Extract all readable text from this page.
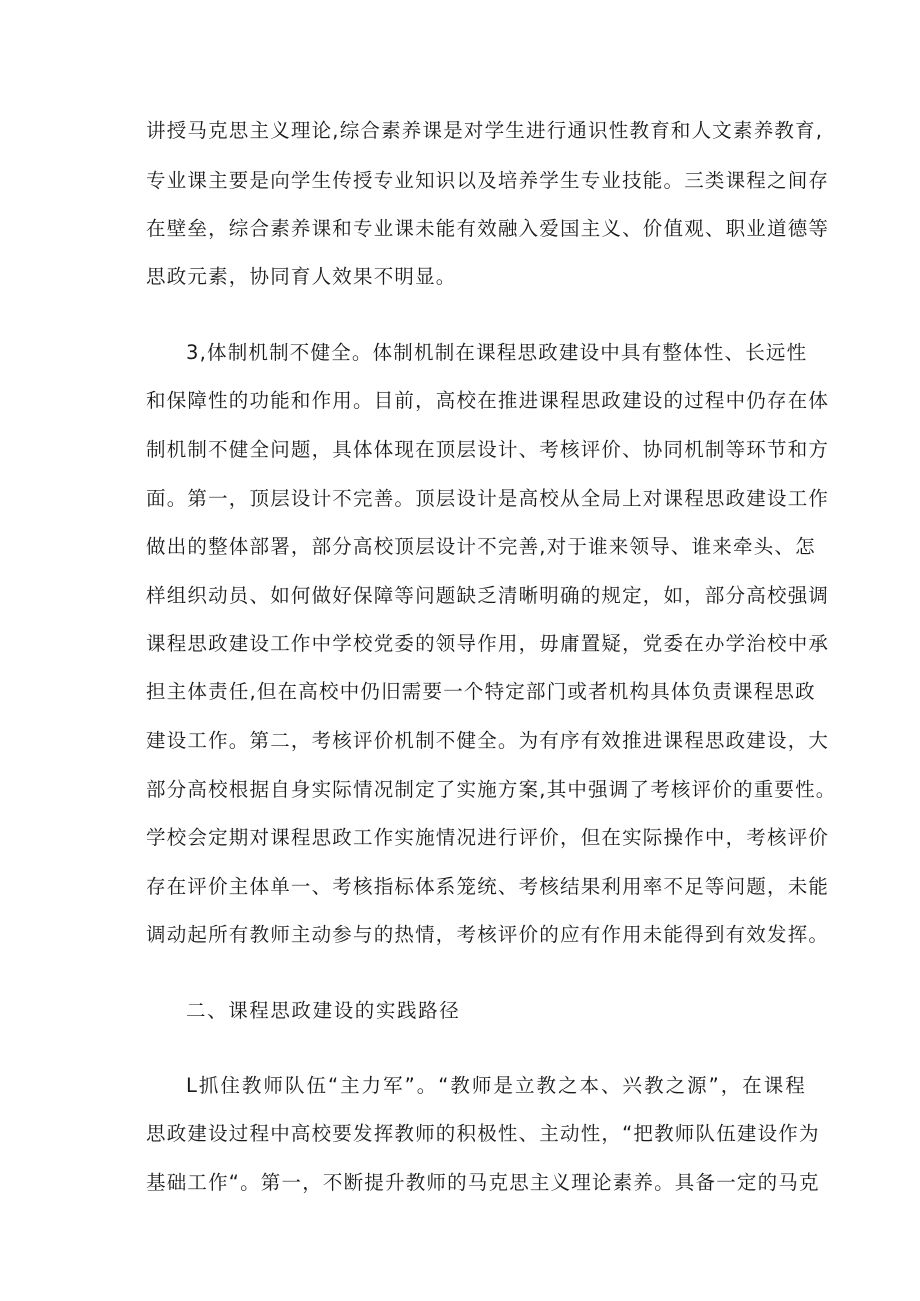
讲授马克思主义理论,综合素养课是对学生进行通识性教育和人文素养教育,
专业课主要是向学生传授专业知识以及培养学生专业技能。三类课程之间存
在壁垒，综合素养课和专业课未能有效融入爱国主义、价值观、职业道德等
思政元素，协同育人效果不明显。
3,体制机制不健全。体制机制在课程思政建设中具有整体性、长远性
和保障性的功能和作用。目前，高校在推进课程思政建设的过程中仍存在体
制机制不健全问题，具体体现在顶层设计、考核评价、协同机制等环节和方
面。第一，顶层设计不完善。顶层设计是高校从全局上对课程思政建设工作
做出的整体部署，部分高校顶层设计不完善,对于谁来领导、谁来牵头、怎
样组织动员、如何做好保障等问题缺乏清晰明确的规定，如，部分高校强调
课程思政建设工作中学校党委的领导作用，毋庸置疑，党委在办学治校中承
担主体责任,但在高校中仍旧需要一个特定部门或者机构具体负责课程思政
建设工作。第二，考核评价机制不健全。为有序有效推进课程思政建设，大
部分高校根据自身实际情况制定了实施方案,其中强调了考核评价的重要性。
学校会定期对课程思政工作实施情况进行评价，但在实际操作中，考核评价
存在评价主体单一、考核指标体系笼统、考核结果利用率不足等问题，未能
调动起所有教师主动参与的热情，考核评价的应有作用未能得到有效发挥。
二、课程思政建设的实践路径
L抓住教师队伍“主力军”。“教师是立教之本、兴教之源”，在课程
思政建设过程中高校要发挥教师的积极性、主动性，“把教师队伍建设作为
基础工作“。第一，不断提升教师的马克思主义理论素养。具备一定的马克
